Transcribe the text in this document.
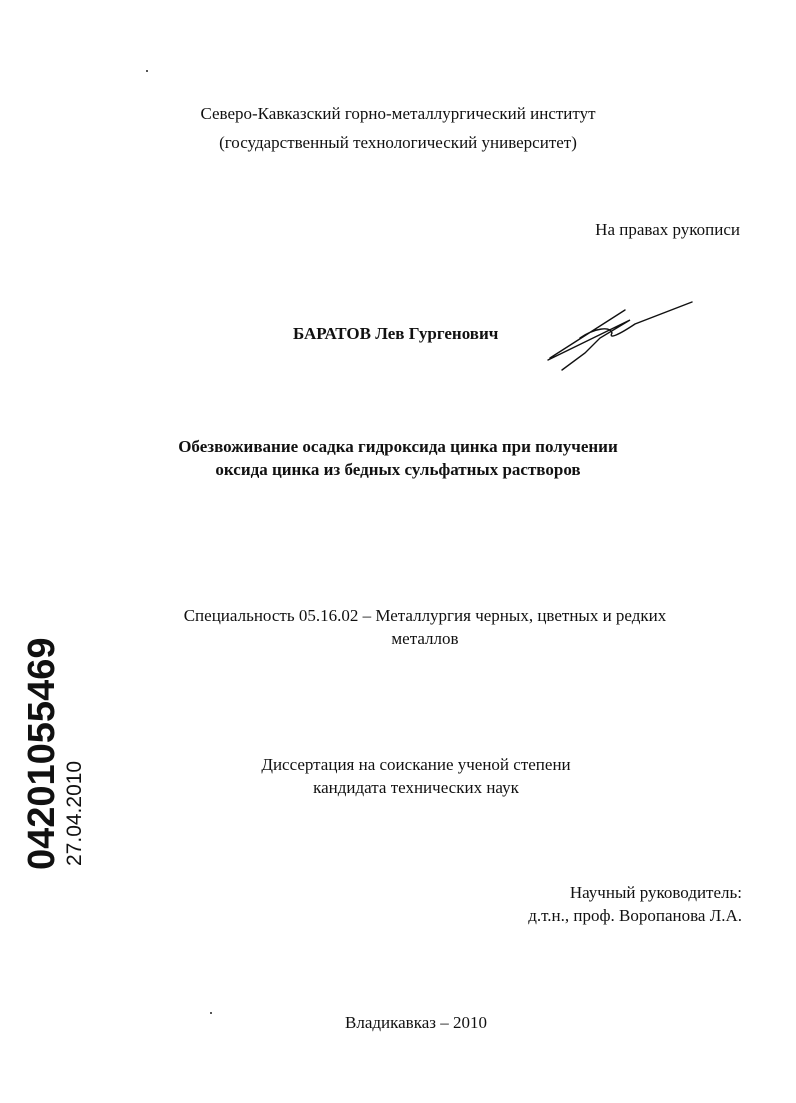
Северо-Кавказский горно-металлургический институт
(государственный технологический университет)
На правах рукописи
БАРАТОВ Лев Гургенович
Обезвоживание осадка гидроксида цинка при получении
оксида цинка из бедных сульфатных растворов
Специальность 05.16.02 – Металлургия черных, цветных и редких
металлов
Диссертация на соискание ученой степени
кандидата технических наук
Научный руководитель:
д.т.н., проф. Воропанова Л.А.
Владикавказ – 2010
04201055469 27.04.2010
